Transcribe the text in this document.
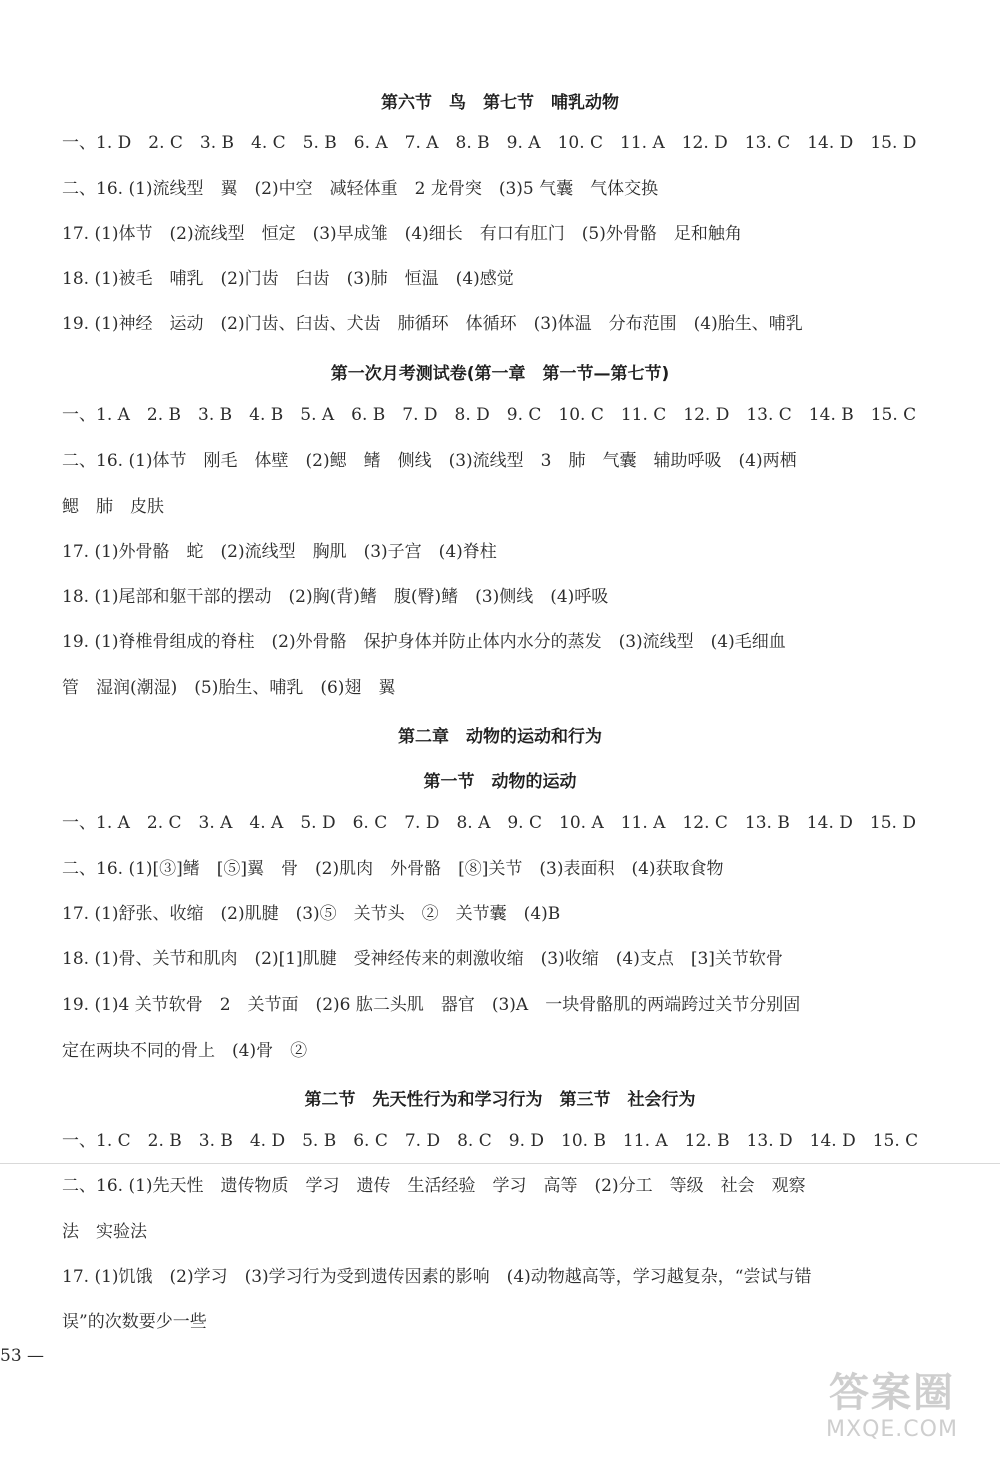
第六节　鸟　第七节　哺乳动物
一、1. D　2. C　3. B　4. C　5. B　6. A　7. A　8. B　9. A　10. C　11. A　12. D　13. C　14. D　15. D
二、16. (1)流线型　翼　(2)中空　减轻体重　2 龙骨突　(3)5 气囊　气体交换
17. (1)体节　(2)流线型　恒定　(3)早成雏　(4)细长　有口有肛门　(5)外骨骼　足和触角
18. (1)被毛　哺乳　(2)门齿　臼齿　(3)肺　恒温　(4)感觉
19. (1)神经　运动　(2)门齿、臼齿、犬齿　肺循环　体循环　(3)体温　分布范围　(4)胎生、哺乳
第一次月考测试卷(第一章　第一节—第七节)
一、1. A　2. B　3. B　4. B　5. A　6. B　7. D　8. D　9. C　10. C　11. C　12. D　13. C　14. B　15. C
二、16. (1)体节　刚毛　体壁　(2)鳃　鳍　侧线　(3)流线型　3　肺　气囊　辅助呼吸　(4)两栖
鳃　肺　皮肤
17. (1)外骨骼　蛇　(2)流线型　胸肌　(3)子宫　(4)脊柱
18. (1)尾部和躯干部的摆动　(2)胸(背)鳍　腹(臀)鳍　(3)侧线　(4)呼吸
19. (1)脊椎骨组成的脊柱　(2)外骨骼　保护身体并防止体内水分的蒸发　(3)流线型　(4)毛细血
管　湿润(潮湿)　(5)胎生、哺乳　(6)翅　翼
第二章　动物的运动和行为
第一节　动物的运动
一、1. A　2. C　3. A　4. A　5. D　6. C　7. D　8. A　9. C　10. A　11. A　12. C　13. B　14. D　15. D
二、16. (1)[③]鳍　[⑤]翼　骨　(2)肌肉　外骨骼　[⑧]关节　(3)表面积　(4)获取食物
17. (1)舒张、收缩　(2)肌腱　(3)⑤　关节头　②　关节囊　(4)B
18. (1)骨、关节和肌肉　(2)[1]肌腱　受神经传来的刺激收缩　(3)收缩　(4)支点　[3]关节软骨
19. (1)4 关节软骨　2　关节面　(2)6 肱二头肌　器官　(3)A　一块骨骼肌的两端跨过关节分别固
定在两块不同的骨上　(4)骨　②
第二节　先天性行为和学习行为　第三节　社会行为
一、1. C　2. B　3. B　4. D　5. B　6. C　7. D　8. C　9. D　10. B　11. A　12. B　13. D　14. D　15. C
二、16. (1)先天性　遗传物质　学习　遗传　生活经验　学习　高等　(2)分工　等级　社会　观察
法　实验法
17. (1)饥饿　(2)学习　(3)学习行为受到遗传因素的影响　(4)动物越高等，学习越复杂，“尝试与错
误”的次数要少一些
53 —
答案圈
MXQE.COM
